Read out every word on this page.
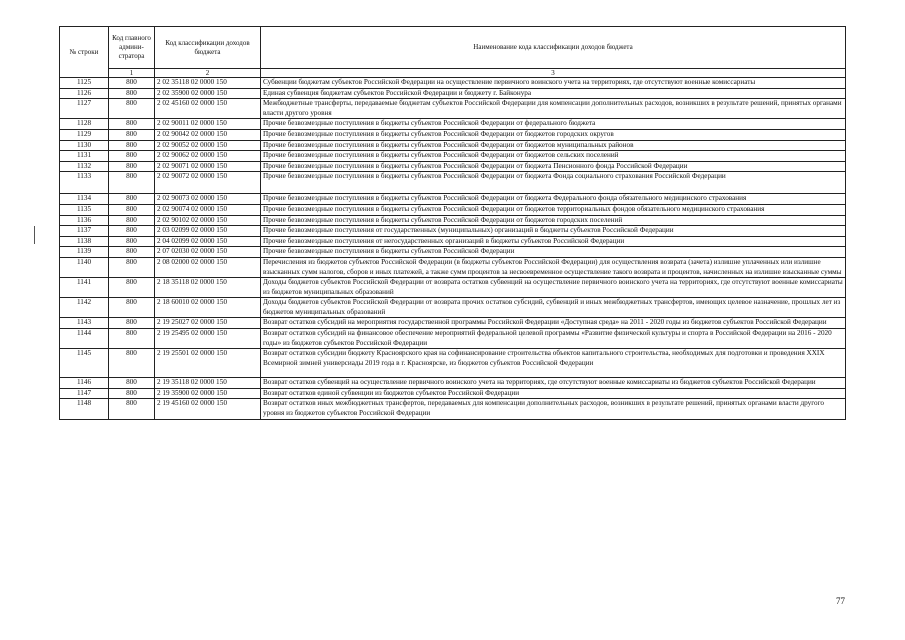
№ строки	Код главного админи-стратора	Код классификации доходов бюджета	Наименование кода классификации доходов бюджета
	1	2	3
1125	800	2 02 35118 02 0000 150	Субвенции бюджетам субъектов Российской Федерации на осуществление первичного воинского учета на территориях, где отсутствуют военные комиссариаты
1126	800	2 02 35900 02 0000 150	Единая субвенция бюджетам субъектов Российской Федерации и бюджету г. Байконура
1127	800	2 02 45160 02 0000 150	Межбюджетные трансферты, передаваемые бюджетам субъектов Российской Федерации для компенсации дополнительных расходов, возникших в результате решений, принятых органами власти другого уровня
1128	800	2 02 90011 02 0000 150	Прочие безвозмездные поступления в бюджеты субъектов Российской Федерации от федерального бюджета
1129	800	2 02 90042 02 0000 150	Прочие безвозмездные поступления в бюджеты субъектов Российской Федерации от бюджетов городских округов
1130	800	2 02 90052 02 0000 150	Прочие безвозмездные поступления в бюджеты субъектов Российской Федерации от бюджетов муниципальных районов
1131	800	2 02 90062 02 0000 150	Прочие безвозмездные поступления в бюджеты субъектов Российской Федерации от бюджетов сельских поселений
1132	800	2 02 90071 02 0000 150	Прочие безвозмездные поступления в бюджеты субъектов Российской Федерации от бюджета Пенсионного фонда Российской Федерации
1133	800	2 02 90072 02 0000 150	Прочие безвозмездные поступления в бюджеты субъектов Российской Федерации от бюджета Фонда социального страхования Российской Федерации
1134	800	2 02 90073 02 0000 150	Прочие безвозмездные поступления в бюджеты субъектов Российской Федерации от бюджета Федерального фонда обязательного медицинского страхования
1135	800	2 02 90074 02 0000 150	Прочие безвозмездные поступления в бюджеты субъектов Российской Федерации от бюджетов территориальных фондов обязательного медицинского страхования
1136	800	2 02 90102 02 0000 150	Прочие безвозмездные поступления в бюджеты субъектов Российской Федерации от бюджетов городских поселений
1137	800	2 03 02099 02 0000 150	Прочие безвозмездные поступления от государственных (муниципальных) организаций в бюджеты субъектов Российской Федерации
1138	800	2 04 02099 02 0000 150	Прочие безвозмездные поступления от негосударственных организаций в бюджеты субъектов Российской Федерации
1139	800	2 07 02030 02 0000 150	Прочие безвозмездные поступления в бюджеты субъектов Российской Федерации
1140	800	2 08 02000 02 0000 150	Перечисления из бюджетов субъектов Российской Федерации (в бюджеты субъектов Российской Федерации) для осуществления возврата (зачета) излишне уплаченных или излишне взысканных сумм налогов, сборов и иных платежей, а также сумм процентов за несвоевременное осуществление такого возврата и процентов, начисленных на излишне взысканные суммы
1141	800	2 18 35118 02 0000 150	Доходы бюджетов субъектов Российской Федерации от возврата остатков субвенций на осуществление первичного воинского учета на территориях, где отсутствуют военные комиссариаты из бюджетов муниципальных образований
1142	800	2 18 60010 02 0000 150	Доходы бюджетов субъектов Российской Федерации от возврата прочих остатков субсидий, субвенций и иных межбюджетных трансфертов, имеющих целевое назначение, прошлых лет из бюджетов муниципальных образований
1143	800	2 19 25027 02 0000 150	Возврат остатков субсидий на мероприятия государственной программы Российской Федерации «Доступная среда» на 2011 - 2020 годы из бюджетов субъектов Российской Федерации
1144	800	2 19 25495 02 0000 150	Возврат остатков субсидий на финансовое обеспечение мероприятий федеральной целевой программы «Развитие физической культуры и спорта в Российской Федерации на 2016 - 2020 годы» из бюджетов субъектов Российской Федерации
1145	800	2 19 25501 02 0000 150	Возврат остатков субсидии бюджету Красноярского края на софинансирование строительства объектов капитального строительства, необходимых для подготовки и проведения XXIX Всемирной зимней универсиады 2019 года в г. Красноярске, из бюджетов субъектов Российской Федерации
1146	800	2 19 35118 02 0000 150	Возврат остатков субвенций на осуществление первичного воинского учета на территориях, где отсутствуют военные комиссариаты из бюджетов субъектов Российской Федерации
1147	800	2 19 35900 02 0000 150	Возврат остатков единой субвенции из бюджетов субъектов Российской Федерации
1148	800	2 19 45160 02 0000 150	Возврат остатков иных межбюджетных трансфертов, передаваемых для компенсации дополнительных расходов, возникших в результате решений, принятых органами власти другого уровня из бюджетов субъектов Российской Федерации
77
